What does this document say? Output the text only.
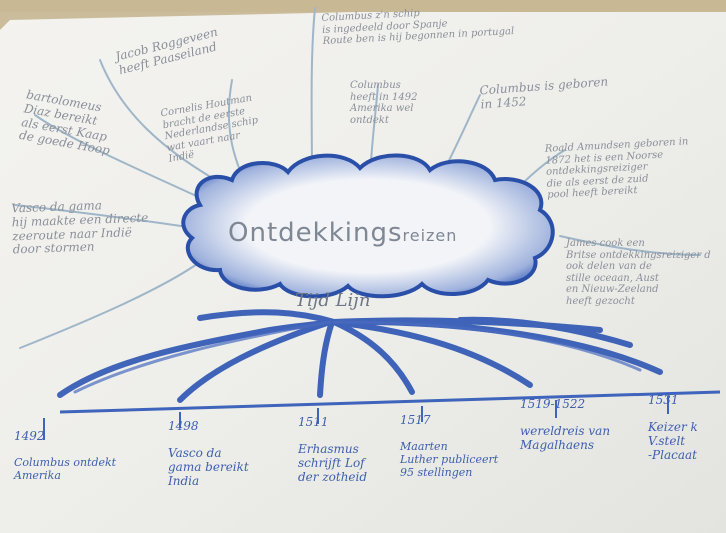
Ontdekkingsreizen
Tijd Lijn
Jacob Roggeveen
heeft Paaseiland
Columbus z'n schip
is ingedeeld door Spanje
Route ben is hij begonnen in portugal
bartolomeus
Diaz bereikt
als eerst Kaap
de goede Hoop
Cornelis Houtman
bracht de eerste
Nederlandse schip
wat vaart naar
Indië
Columbus
heeft in 1492
Amerika wel
ontdekt
Columbus is geboren
in 1452
Roald Amundsen geboren in
1872 het is een Noorse
ontdekkingsreiziger
die als eerst de zuid
pool heeft bereikt
Vasco da gama
hij maakte een directe
zeeroute naar Indië
door stormen	James cook een
Britse ontdekkingsreiziger d
ook delen van de
stille oceaan, Aust
en Nieuw-Zeeland
heeft gezocht

1492

Columbus ontdekt
Amerika

1498

Vasco da
gama bereikt
India

1511

Erhasmus
schrijft Lof
der zotheid

1517

Maarten
Luther publiceert
95 stellingen

1519-1522

wereldreis van
Magalhaens

1531

Keizer k
V.stelt
-Placaat
